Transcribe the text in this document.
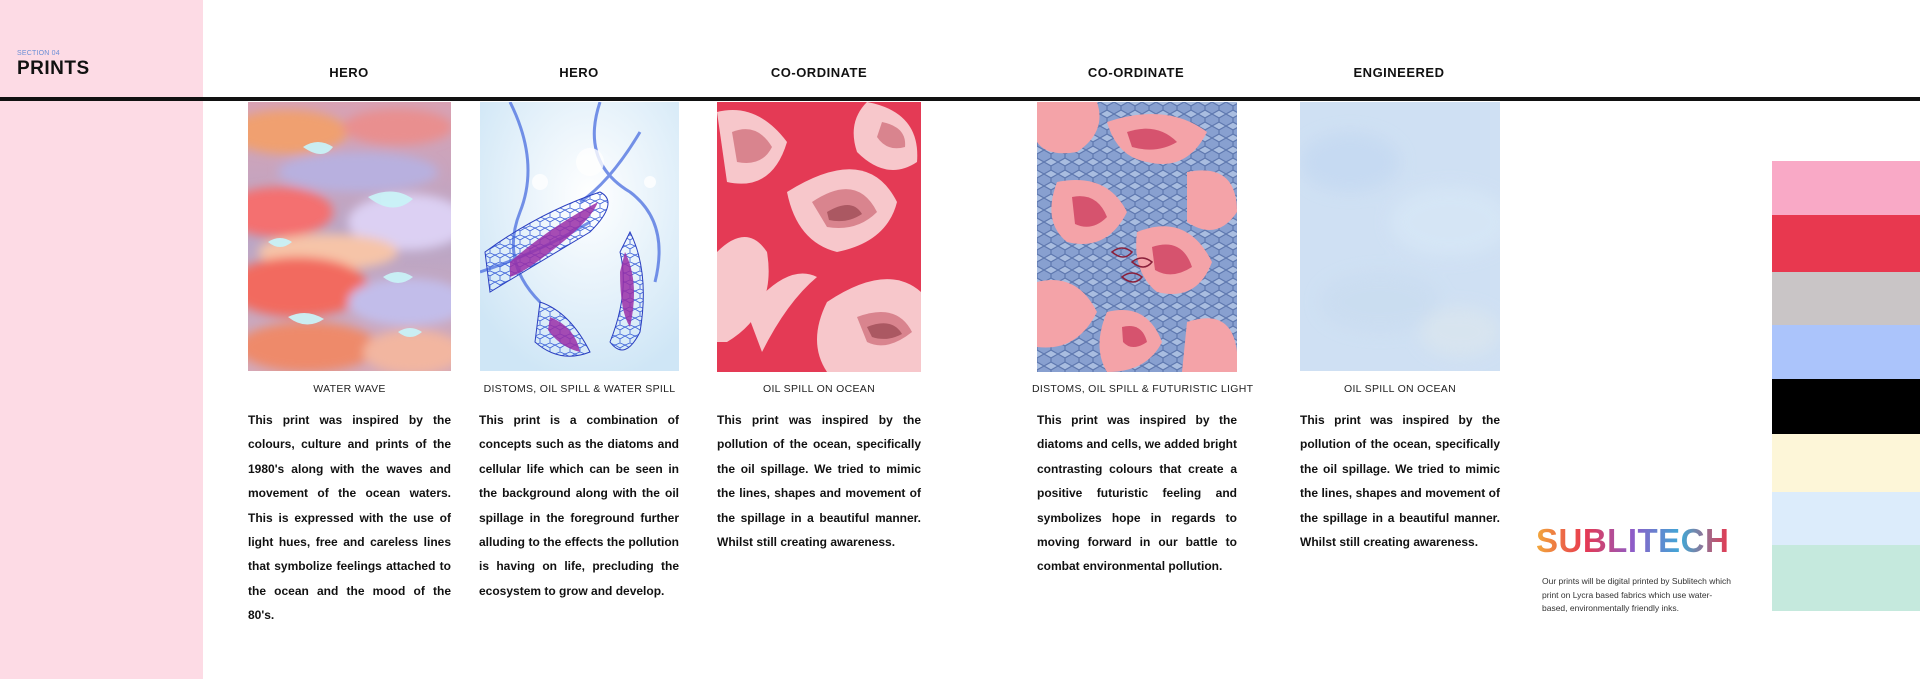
SECTION 04
PRINTS	HERO	HERO	CO-ORDINATE	CO-ORDINATE	ENGINEERED
WATER WAVE	DISTOMS, OIL SPILL & WATER SPILL	OIL SPILL ON OCEAN	DISTOMS, OIL SPILL & FUTURISTIC LIGHT	OIL SPILL ON OCEAN
This print was inspired by the colours, culture and prints of the 1980's along with the waves and movement of the ocean waters. This is expressed with the use of light hues, free and careless lines that symbolize feelings attached to the ocean and the mood of the 80's.
This print is a combination of concepts such as the diatoms and cellular life which can be seen in the background along with the oil spillage in the foreground further alluding to the effects the pollution is having on life, precluding the ecosystem to grow and develop.
This print was inspired by the pollution of the ocean, specifically the oil spillage. We tried to mimic the lines, shapes and movement of the spillage in a beautiful manner. Whilst still creating awareness.
This print was inspired by the diatoms and cells, we added bright contrasting colours that create a positive futuristic feeling and symbolizes hope in regards to moving forward in our battle to combat environmental pollution.
This print was inspired by the pollution of the ocean, specifically the oil spillage. We tried to mimic the lines, shapes and movement of the spillage in a beautiful manner. Whilst still creating awareness.	SUBLITECH
Our prints will be digital printed by Sublitech which print on Lycra based fabrics which use water-based, environmentally friendly inks.
